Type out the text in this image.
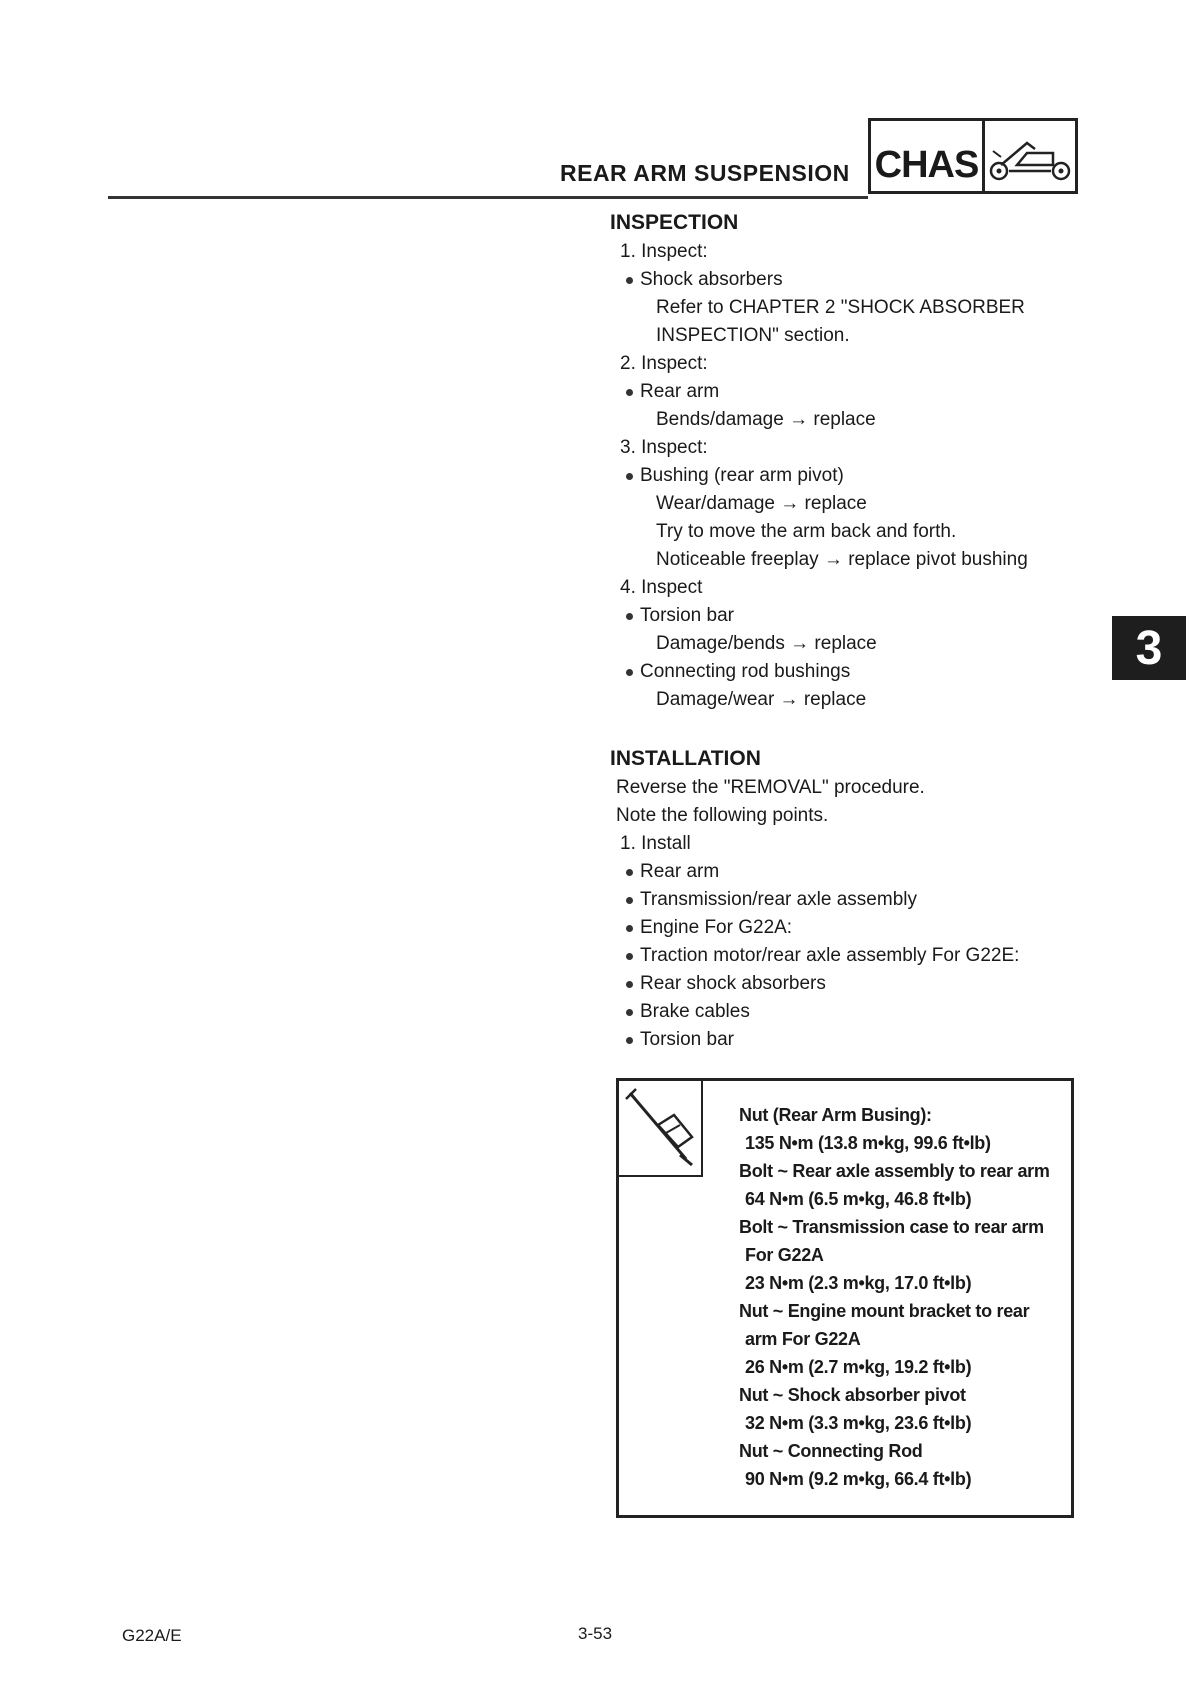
REAR ARM SUSPENSION CHAS
INSPECTION
1. Inspect:
Shock absorbers
Refer to CHAPTER 2 "SHOCK ABSORBER
INSPECTION" section.
2. Inspect:
Rear arm
Bends/damage → replace
3. Inspect:
Bushing (rear arm pivot)
Wear/damage → replace
Try to move the arm back and forth.
Noticeable freeplay → replace pivot bushing
4. Inspect
Torsion bar
Damage/bends → replace
Connecting rod bushings
Damage/wear → replace
INSTALLATION
Reverse the "REMOVAL" procedure.
Note the following points.
1. Install
Rear arm
Transmission/rear axle assembly
Engine For G22A:
Traction motor/rear axle assembly For G22E:
Rear shock absorbers
Brake cables
Torsion bar
Nut (Rear Arm Busing):
135 N•m (13.8 m•kg, 99.6 ft•lb)
Bolt ~ Rear axle assembly to rear arm
64 N•m (6.5 m•kg, 46.8 ft•lb)
Bolt ~ Transmission case to rear arm
For G22A
23 N•m (2.3 m•kg, 17.0 ft•lb)
Nut ~ Engine mount bracket to rear
arm For G22A
26 N•m (2.7 m•kg, 19.2 ft•lb)
Nut ~ Shock absorber pivot
32 N•m (3.3 m•kg, 23.6 ft•lb)
Nut ~ Connecting Rod
90 N•m (9.2 m•kg, 66.4 ft•lb)
3
G22A/E	3-53
